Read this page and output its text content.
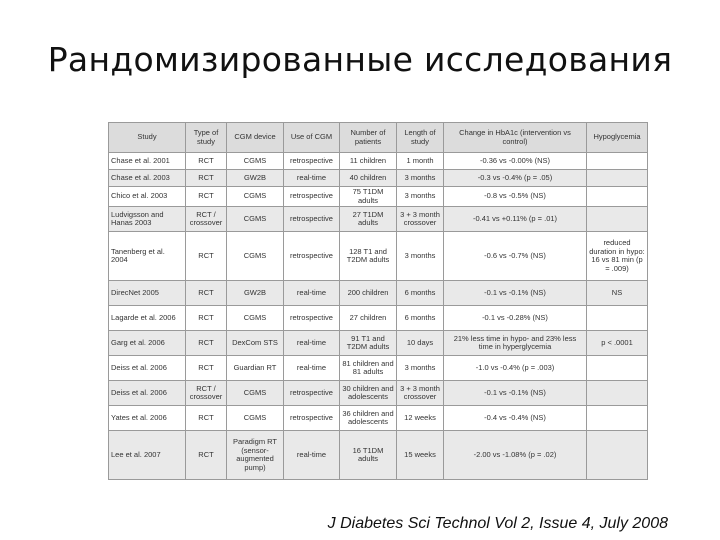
Рандомизированные исследования
Study	Type of study	CGM device	Use of CGM	Number of patients	Length of study	Change in HbA1c (intervention vs control)	Hypoglycemia
Chase et al. 2001	RCT	CGMS	retrospective	11 children	1 month	-0.36 vs -0.00% (NS)	
Chase et al. 2003	RCT	GW2B	real-time	40 children	3 months	-0.3 vs -0.4% (p = .05)	
Chico et al. 2003	RCT	CGMS	retrospective	75 T1DM adults	3 months	-0.8 vs -0.5% (NS)	
Ludvigsson and Hanas 2003	RCT / crossover	CGMS	retrospective	27 T1DM adults	3 + 3 month crossover	-0.41 vs +0.11% (p = .01)	
Tanenberg et al. 2004	RCT	CGMS	retrospective	128 T1 and T2DM adults	3 months	-0.6 vs -0.7% (NS)	reduced duration in hypo: 16 vs 81 min (p = .009)
DirecNet 2005	RCT	GW2B	real-time	200 children	6 months	-0.1 vs -0.1% (NS)	NS
Lagarde et al. 2006	RCT	CGMS	retrospective	27 children	6 months	-0.1 vs -0.28% (NS)	
Garg et al. 2006	RCT	DexCom STS	real-time	91 T1 and T2DM adults	10 days	21% less time in hypo- and 23% less time in hyperglycemia	p < .0001
Deiss et al. 2006	RCT	Guardian RT	real-time	81 children and 81 adults	3 months	-1.0 vs -0.4% (p = .003)	
Deiss et al. 2006	RCT / crossover	CGMS	retrospective	30 children and adolescents	3 + 3 month crossover	-0.1 vs -0.1% (NS)	
Yates et al. 2006	RCT	CGMS	retrospective	36 children and adolescents	12 weeks	-0.4 vs -0.4% (NS)	
Lee et al. 2007	RCT	Paradigm RT (sensor-augmented pump)	real-time	16 T1DM adults	15 weeks	-2.00 vs -1.08% (p = .02)	
J Diabetes Sci Technol Vol 2, Issue 4, July 2008
